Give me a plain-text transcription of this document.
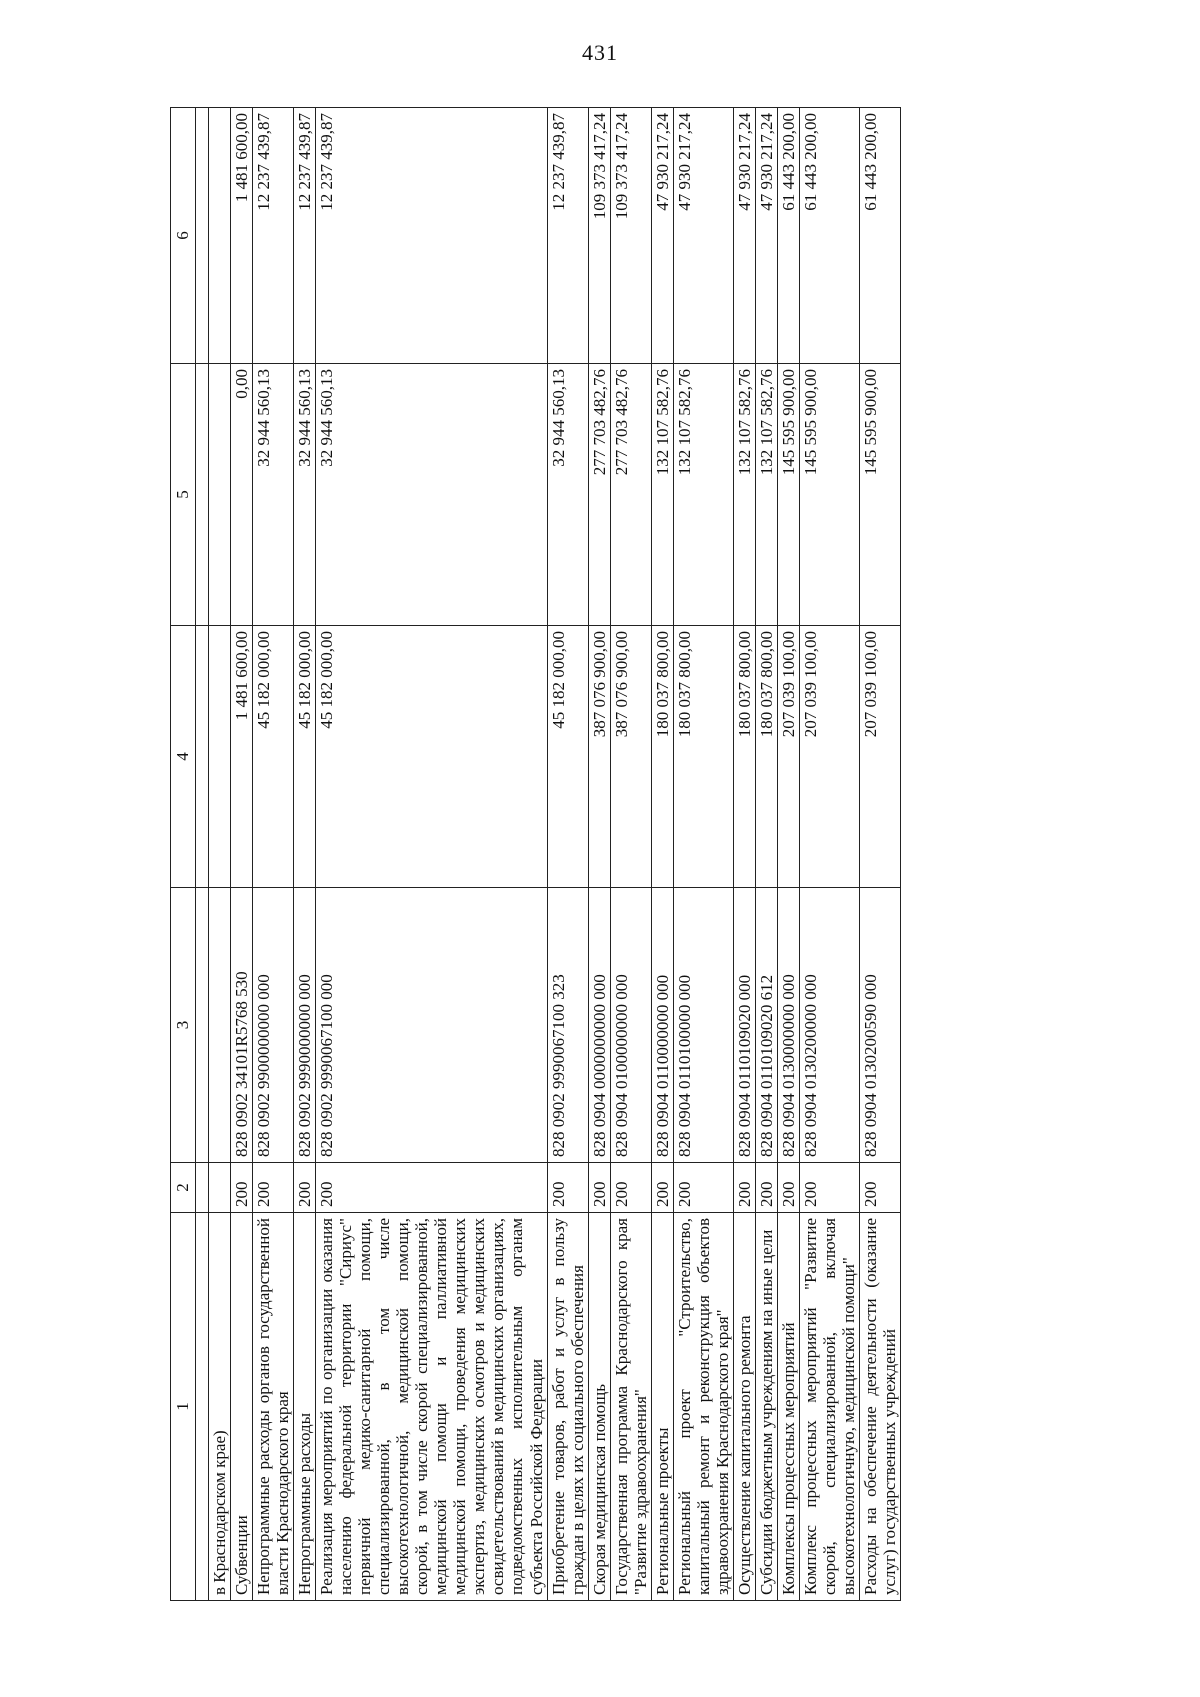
431
1	2	3	4	5	6

в Краснодарском крае)					
Субвенции	200	828 0902 34101R5768 530	1 481 600,00	0,00	1 481 600,00
Непрограммные расходы органов государственной власти Краснодарского края	200	828 0902 9900000000 000	45 182 000,00	32 944 560,13	12 237 439,87
Непрограммные расходы	200	828 0902 9990000000 000	45 182 000,00	32 944 560,13	12 237 439,87
Реализация мероприятий по организации оказания населению федеральной территории "Сириус" первичной медико-санитарной помощи, специализированной, в том числе высокотехнологичной, медицинской помощи, скорой, в том числе скорой специализированной, медицинской помощи и паллиативной медицинской помощи, проведения медицинских экспертиз, медицинских осмотров и медицинских освидетельствований в медицинских организациях, подведомственных исполнительным органам субъекта Российской Федерации	200	828 0902 9990067100 000	45 182 000,00	32 944 560,13	12 237 439,87
Приобретение товаров, работ и услуг в пользу граждан в целях их социального обеспечения	200	828 0902 9990067100 323	45 182 000,00	32 944 560,13	12 237 439,87
Скорая медицинская помощь	200	828 0904 0000000000 000	387 076 900,00	277 703 482,76	109 373 417,24
Государственная программа Краснодарского края "Развитие здравоохранения"	200	828 0904 0100000000 000	387 076 900,00	277 703 482,76	109 373 417,24
Региональные проекты	200	828 0904 0110000000 000	180 037 800,00	132 107 582,76	47 930 217,24
Региональный проект "Строительство, капитальный ремонт и реконструкция объектов здравоохранения Краснодарского края"	200	828 0904 0110100000 000	180 037 800,00	132 107 582,76	47 930 217,24
Осуществление капитального ремонта	200	828 0904 0110109020 000	180 037 800,00	132 107 582,76	47 930 217,24
Субсидии бюджетным учреждениям на иные цели	200	828 0904 0110109020 612	180 037 800,00	132 107 582,76	47 930 217,24
Комплексы процессных мероприятий	200	828 0904 0130000000 000	207 039 100,00	145 595 900,00	61 443 200,00
Комплекс процессных мероприятий "Развитие скорой, специализированной, включая высокотехнологичную, медицинской помощи"	200	828 0904 0130200000 000	207 039 100,00	145 595 900,00	61 443 200,00
Расходы на обеспечение деятельности (оказание услуг) государственных учреждений	200	828 0904 0130200590 000	207 039 100,00	145 595 900,00	61 443 200,00
